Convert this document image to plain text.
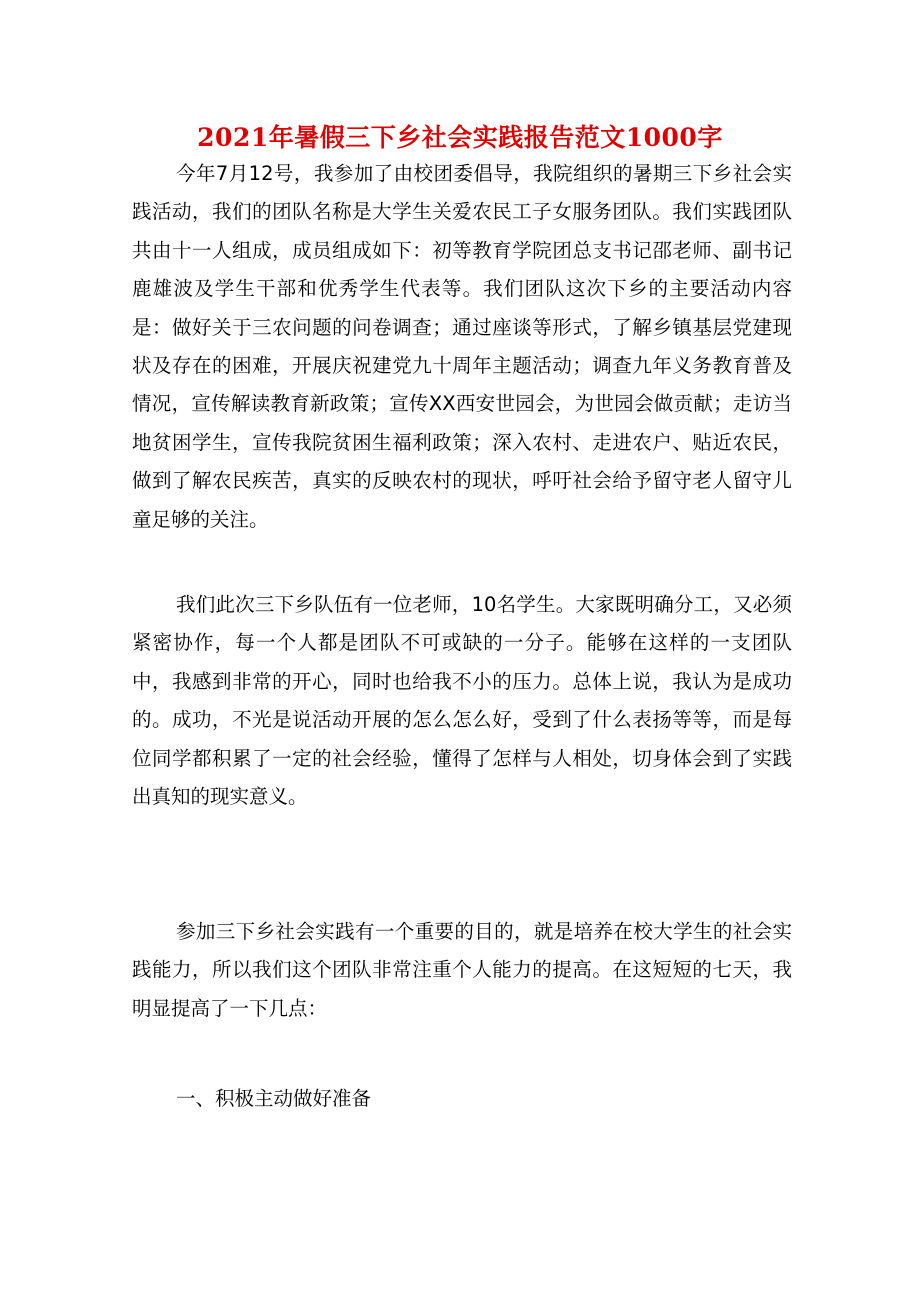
2021年暑假三下乡社会实践报告范文1000字

今年7月12号，我参加了由校团委倡导，我院组织的暑期三下乡社会实践活动，我们的团队名称是大学生关爱农民工子女服务团队。我们实践团队共由十一人组成，成员组成如下：初等教育学院团总支书记邵老师、副书记鹿雄波及学生干部和优秀学生代表等。我们团队这次下乡的主要活动内容是：做好关于三农问题的问卷调查；通过座谈等形式，了解乡镇基层党建现状及存在的困难，开展庆祝建党九十周年主题活动；调查九年义务教育普及情况，宣传解读教育新政策；宣传XX西安世园会，为世园会做贡献；走访当地贫困学生，宣传我院贫困生福利政策；深入农村、走进农户、贴近农民，做到了解农民疾苦，真实的反映农村的现状，呼吁社会给予留守老人留守儿童足够的关注。

我们此次三下乡队伍有一位老师，10名学生。大家既明确分工，又必须紧密协作，每一个人都是团队不可或缺的一分子。能够在这样的一支团队中，我感到非常的开心，同时也给我不小的压力。总体上说，我认为是成功的。成功，不光是说活动开展的怎么怎么好，受到了什么表扬等等，而是每位同学都积累了一定的社会经验，懂得了怎样与人相处，切身体会到了实践出真知的现实意义。

参加三下乡社会实践有一个重要的目的，就是培养在校大学生的社会实践能力，所以我们这个团队非常注重个人能力的提高。在这短短的七天，我明显提高了一下几点：

一、积极主动做好准备
